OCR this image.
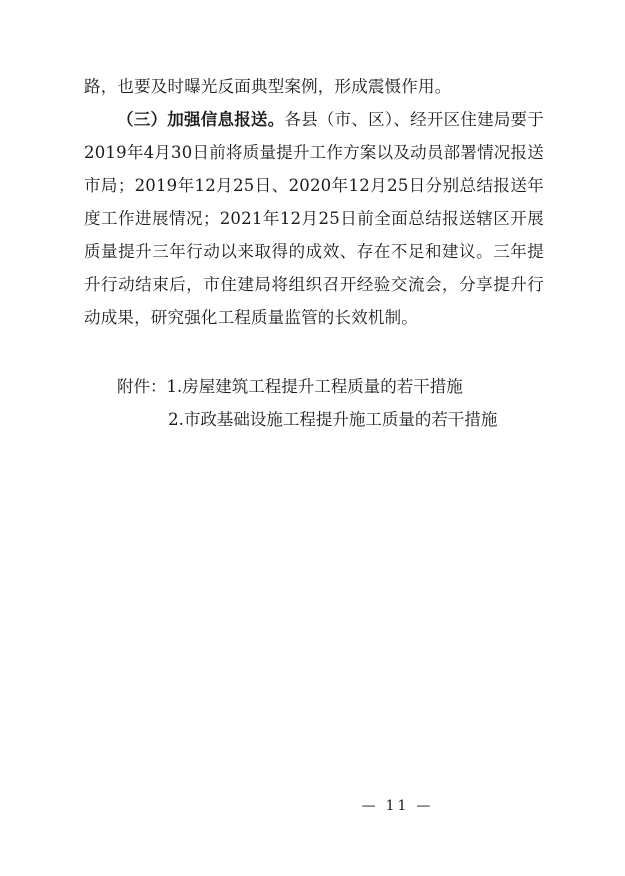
路，也要及时曝光反面典型案例，形成震慑作用。

（三）加强信息报送。各县（市、区）、经开区住建局要于2019年4月30日前将质量提升工作方案以及动员部署情况报送市局；2019年12月25日、2020年12月25日分别总结报送年度工作进展情况；2021年12月25日前全面总结报送辖区开展质量提升三年行动以来取得的成效、存在不足和建议。三年提升行动结束后，市住建局将组织召开经验交流会，分享提升行动成果，研究强化工程质量监管的长效机制。

附件：1.房屋建筑工程提升工程质量的若干措施

2.市政基础设施工程提升施工质量的若干措施

— 11 —
